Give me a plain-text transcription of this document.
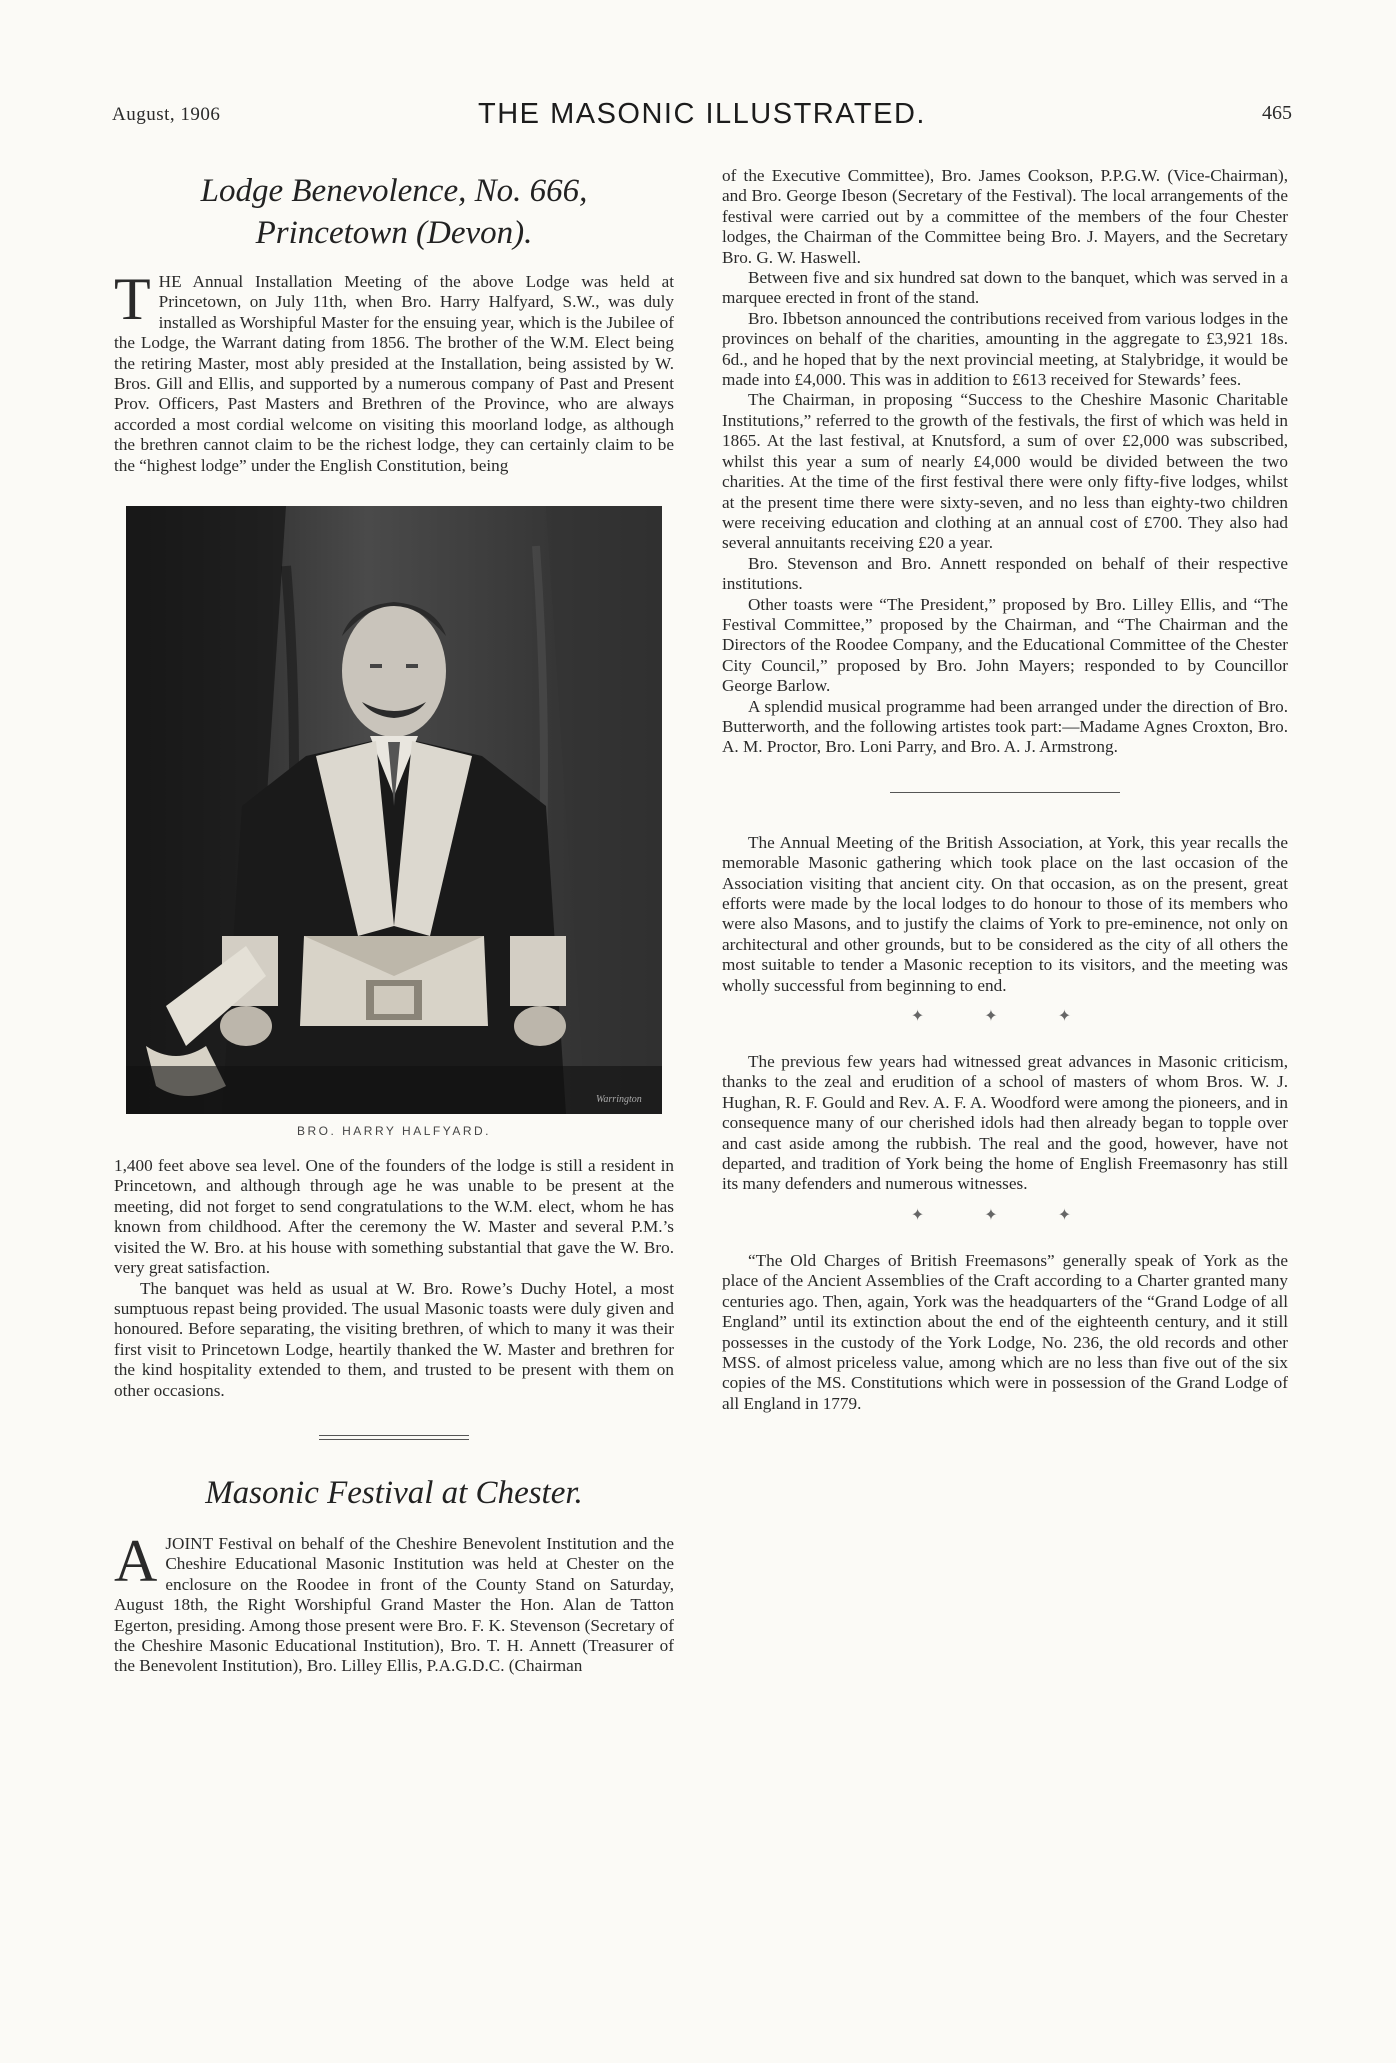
August, 1906	THE MASONIC ILLUSTRATED.	465
Lodge Benevolence, No. 666,
Princetown (Devon).

THE Annual Installation Meeting of the above Lodge was held at Princetown, on July 11th, when Bro. Harry Halfyard, S.W., was duly installed as Worshipful Master for the ensuing year, which is the Jubilee of the Lodge, the Warrant dating from 1856. The brother of the W.M. Elect being the retiring Master, most ably presided at the Installation, being assisted by W. Bros. Gill and Ellis, and supported by a numerous company of Past and Present Prov. Officers, Past Masters and Brethren of the Province, who are always accorded a most cordial welcome on visiting this moorland lodge, as although the brethren cannot claim to be the richest lodge, they can certainly claim to be the “highest lodge” under the English Constitution, being

Warrington
BRO. HARRY HALFYARD.

1,400 feet above sea level. One of the founders of the lodge is still a resident in Princetown, and although through age he was unable to be present at the meeting, did not forget to send congratulations to the W.M. elect, whom he has known from childhood. After the ceremony the W. Master and several P.M.’s visited the W. Bro. at his house with something substantial that gave the W. Bro. very great satisfaction.

The banquet was held as usual at W. Bro. Rowe’s Duchy Hotel, a most sumptuous repast being provided. The usual Masonic toasts were duly given and honoured. Before separating, the visiting brethren, of which to many it was their first visit to Princetown Lodge, heartily thanked the W. Master and brethren for the kind hospitality extended to them, and trusted to be present with them on other occasions.

Masonic Festival at Chester.

AJOINT Festival on behalf of the Cheshire Benevolent Institution and the Cheshire Educational Masonic Institution was held at Chester on the enclosure on the Roodee in front of the County Stand on Saturday, August 18th, the Right Worshipful Grand Master the Hon. Alan de Tatton Egerton, presiding. Among those present were Bro. F. K. Stevenson (Secretary of the Cheshire Masonic Educational Institution), Bro. T. H. Annett (Treasurer of the Benevolent Institution), Bro. Lilley Ellis, P.A.G.D.C. (Chairman

of the Executive Committee), Bro. James Cookson, P.P.G.W. (Vice-Chairman), and Bro. George Ibeson (Secretary of the Festival). The local arrangements of the festival were carried out by a committee of the members of the four Chester lodges, the Chairman of the Committee being Bro. J. Mayers, and the Secretary Bro. G. W. Haswell.

Between five and six hundred sat down to the banquet, which was served in a marquee erected in front of the stand.

Bro. Ibbetson announced the contributions received from various lodges in the provinces on behalf of the charities, amounting in the aggregate to £3,921 18s. 6d., and he hoped that by the next provincial meeting, at Stalybridge, it would be made into £4,000. This was in addition to £613 received for Stewards’ fees.

The Chairman, in proposing “Success to the Cheshire Masonic Charitable Institutions,” referred to the growth of the festivals, the first of which was held in 1865. At the last festival, at Knutsford, a sum of over £2,000 was subscribed, whilst this year a sum of nearly £4,000 would be divided between the two charities. At the time of the first festival there were only fifty-five lodges, whilst at the present time there were sixty-seven, and no less than eighty-two children were receiving education and clothing at an annual cost of £700. They also had several annuitants receiving £20 a year.

Bro. Stevenson and Bro. Annett responded on behalf of their respective institutions.

Other toasts were “The President,” proposed by Bro. Lilley Ellis, and “The Festival Committee,” proposed by the Chairman, and “The Chairman and the Directors of the Roodee Company, and the Educational Committee of the Chester City Council,” proposed by Bro. John Mayers; responded to by Councillor George Barlow.

A splendid musical programme had been arranged under the direction of Bro. Butterworth, and the following artistes took part:—Madame Agnes Croxton, Bro. A. M. Proctor, Bro. Loni Parry, and Bro. A. J. Armstrong.

The Annual Meeting of the British Association, at York, this year recalls the memorable Masonic gathering which took place on the last occasion of the Association visiting that ancient city. On that occasion, as on the present, great efforts were made by the local lodges to do honour to those of its members who were also Masons, and to justify the claims of York to pre-eminence, not only on architectural and other grounds, but to be considered as the city of all others the most suitable to tender a Masonic reception to its visitors, and the meeting was wholly successful from beginning to end.

✦ ✦ ✦

The previous few years had witnessed great advances in Masonic criticism, thanks to the zeal and erudition of a school of masters of whom Bros. W. J. Hughan, R. F. Gould and Rev. A. F. A. Woodford were among the pioneers, and in consequence many of our cherished idols had then already began to topple over and cast aside among the rubbish. The real and the good, however, have not departed, and tradition of York being the home of English Freemasonry has still its many defenders and numerous witnesses.

✦ ✦ ✦

“The Old Charges of British Freemasons” generally speak of York as the place of the Ancient Assemblies of the Craft according to a Charter granted many centuries ago. Then, again, York was the headquarters of the “Grand Lodge of all England” until its extinction about the end of the eighteenth century, and it still possesses in the custody of the York Lodge, No. 236, the old records and other MSS. of almost priceless value, among which are no less than five out of the six copies of the MS. Constitutions which were in possession of the Grand Lodge of all England in 1779.
